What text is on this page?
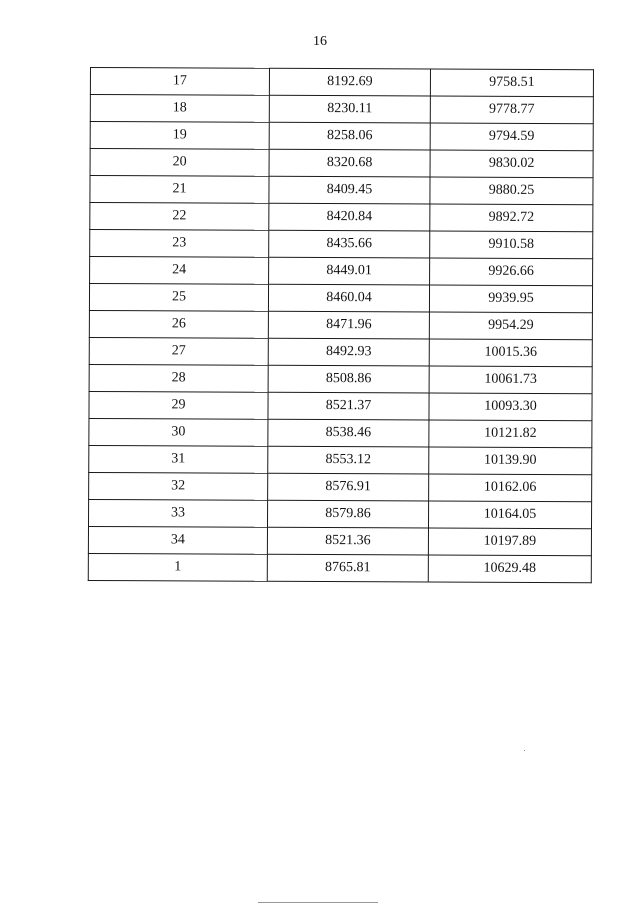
16
17	8192.69	9758.51
18	8230.11	9778.77
19	8258.06	9794.59
20	8320.68	9830.02
21	8409.45	9880.25
22	8420.84	9892.72
23	8435.66	9910.58
24	8449.01	9926.66
25	8460.04	9939.95
26	8471.96	9954.29
27	8492.93	10015.36
28	8508.86	10061.73
29	8521.37	10093.30
30	8538.46	10121.82
31	8553.12	10139.90
32	8576.91	10162.06
33	8579.86	10164.05
34	8521.36	10197.89
1	8765.81	10629.48
